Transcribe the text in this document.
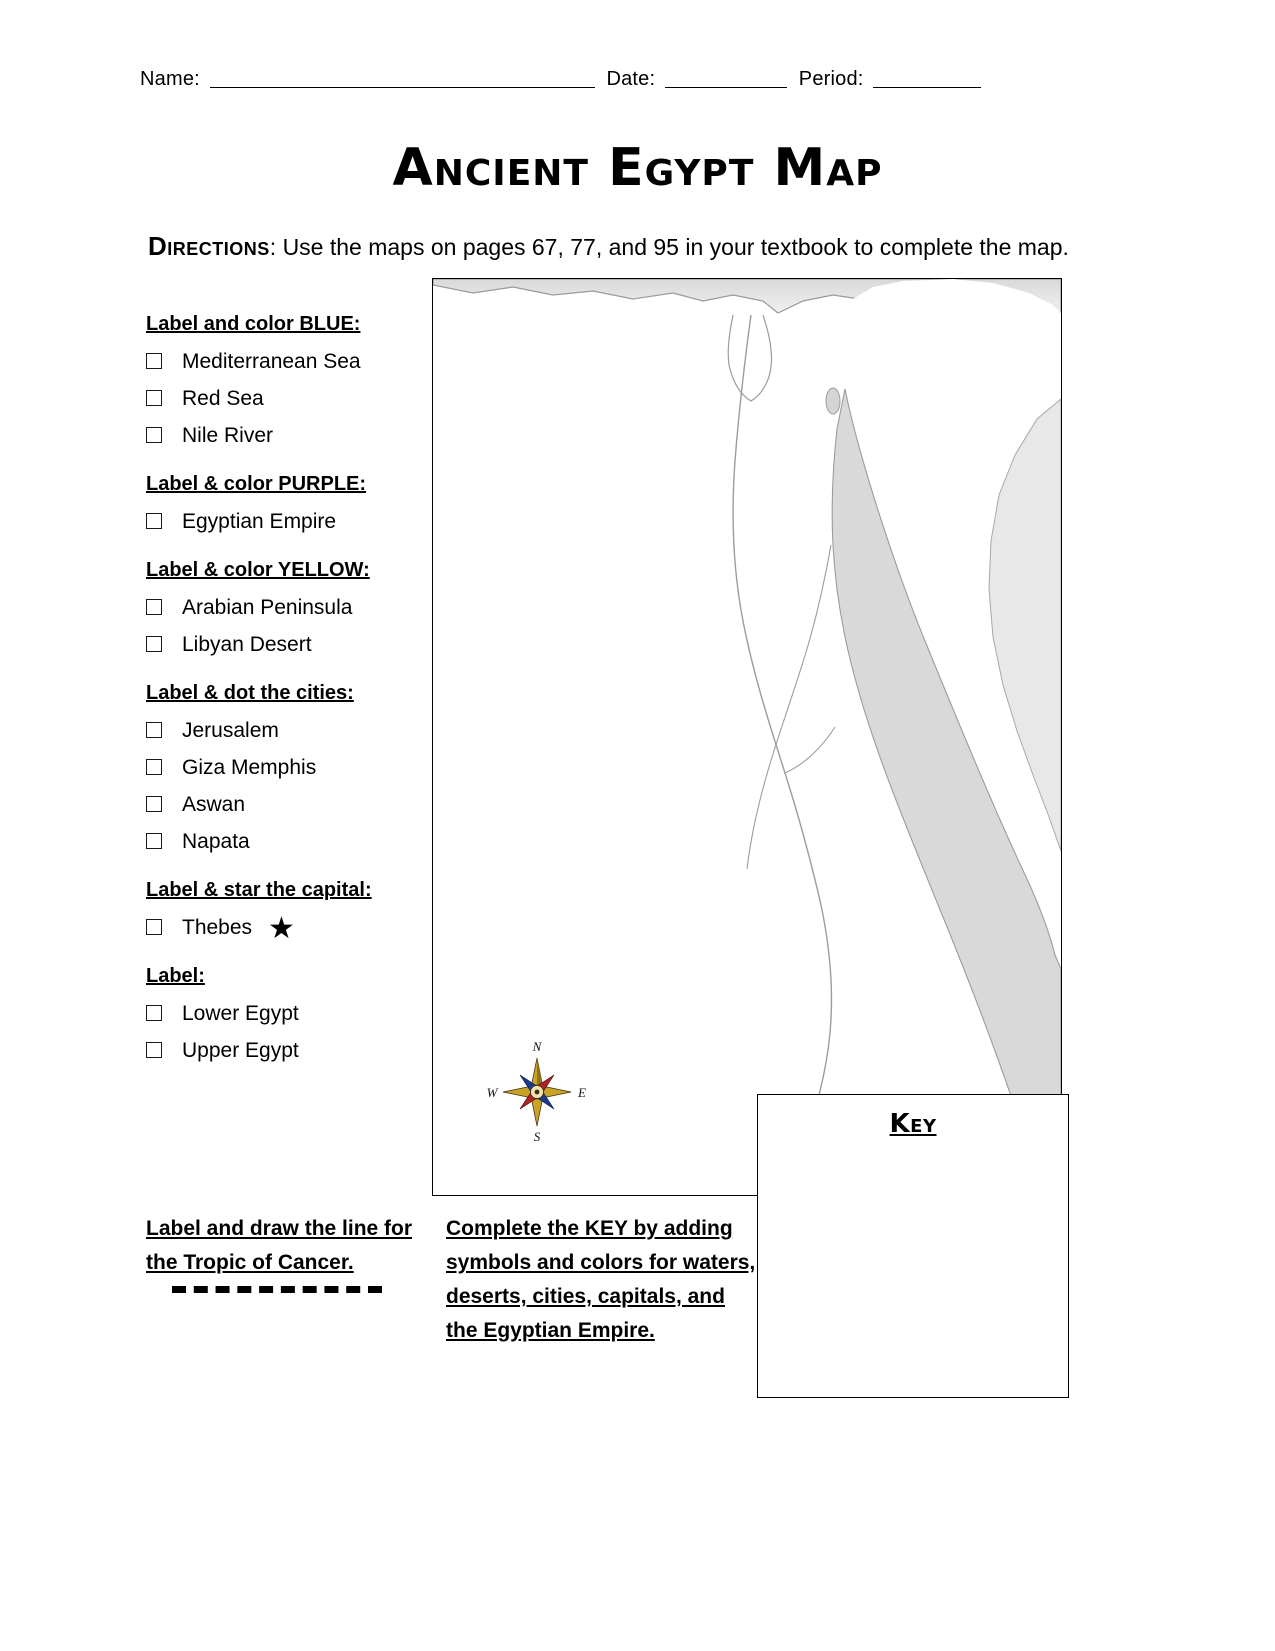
Name:	Date:	Period:
Ancient Egypt Map
Directions: Use the maps on pages 67, 77, and 95 in your textbook to complete the map.
Label and color BLUE:
Mediterranean Sea
Red Sea
Nile River
Label & color PURPLE:
Egyptian Empire
Label & color YELLOW:
Arabian Peninsula
Libyan Desert
Label & dot the cities:
Jerusalem
Giza Memphis
Aswan
Napata
Label & star the capital:
Thebes ★
Label:
Lower Egypt
Upper Egypt
Label and draw the line for the Tropic of Cancer.
Complete the KEY by adding symbols and colors for waters, deserts, cities, capitals, and the Egyptian Empire.
N
S
W	E
Key
